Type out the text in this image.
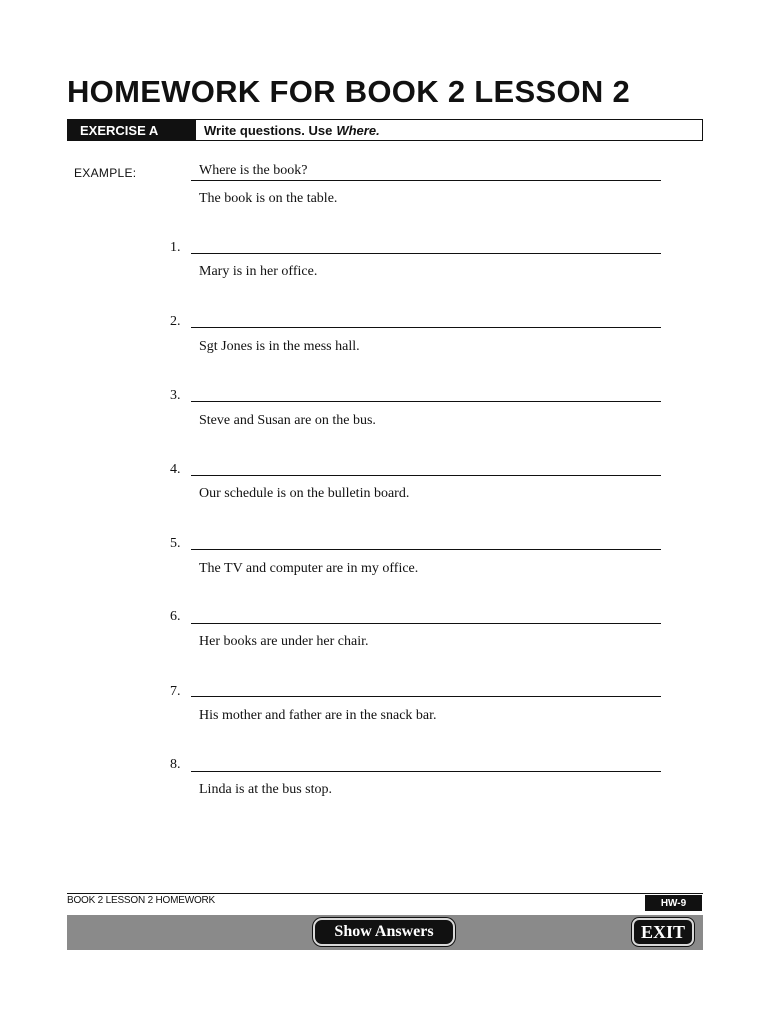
HOMEWORK FOR BOOK 2 LESSON 2
EXERCISE A	Write questions. Use Where.
EXAMPLE:	Where is the book?
The book is on the table.
1.
Mary is in her office.
2.
Sgt Jones is in the mess hall.
3.
Steve and Susan are on the bus.
4.
Our schedule is on the bulletin board.
5.
The TV and computer are in my office.
6.
Her books are under her chair.
7.
His mother and father are in the snack bar.
8.
Linda is at the bus stop.
BOOK 2 LESSON 2 HOMEWORK	HW-9
Show Answers	EXIT
